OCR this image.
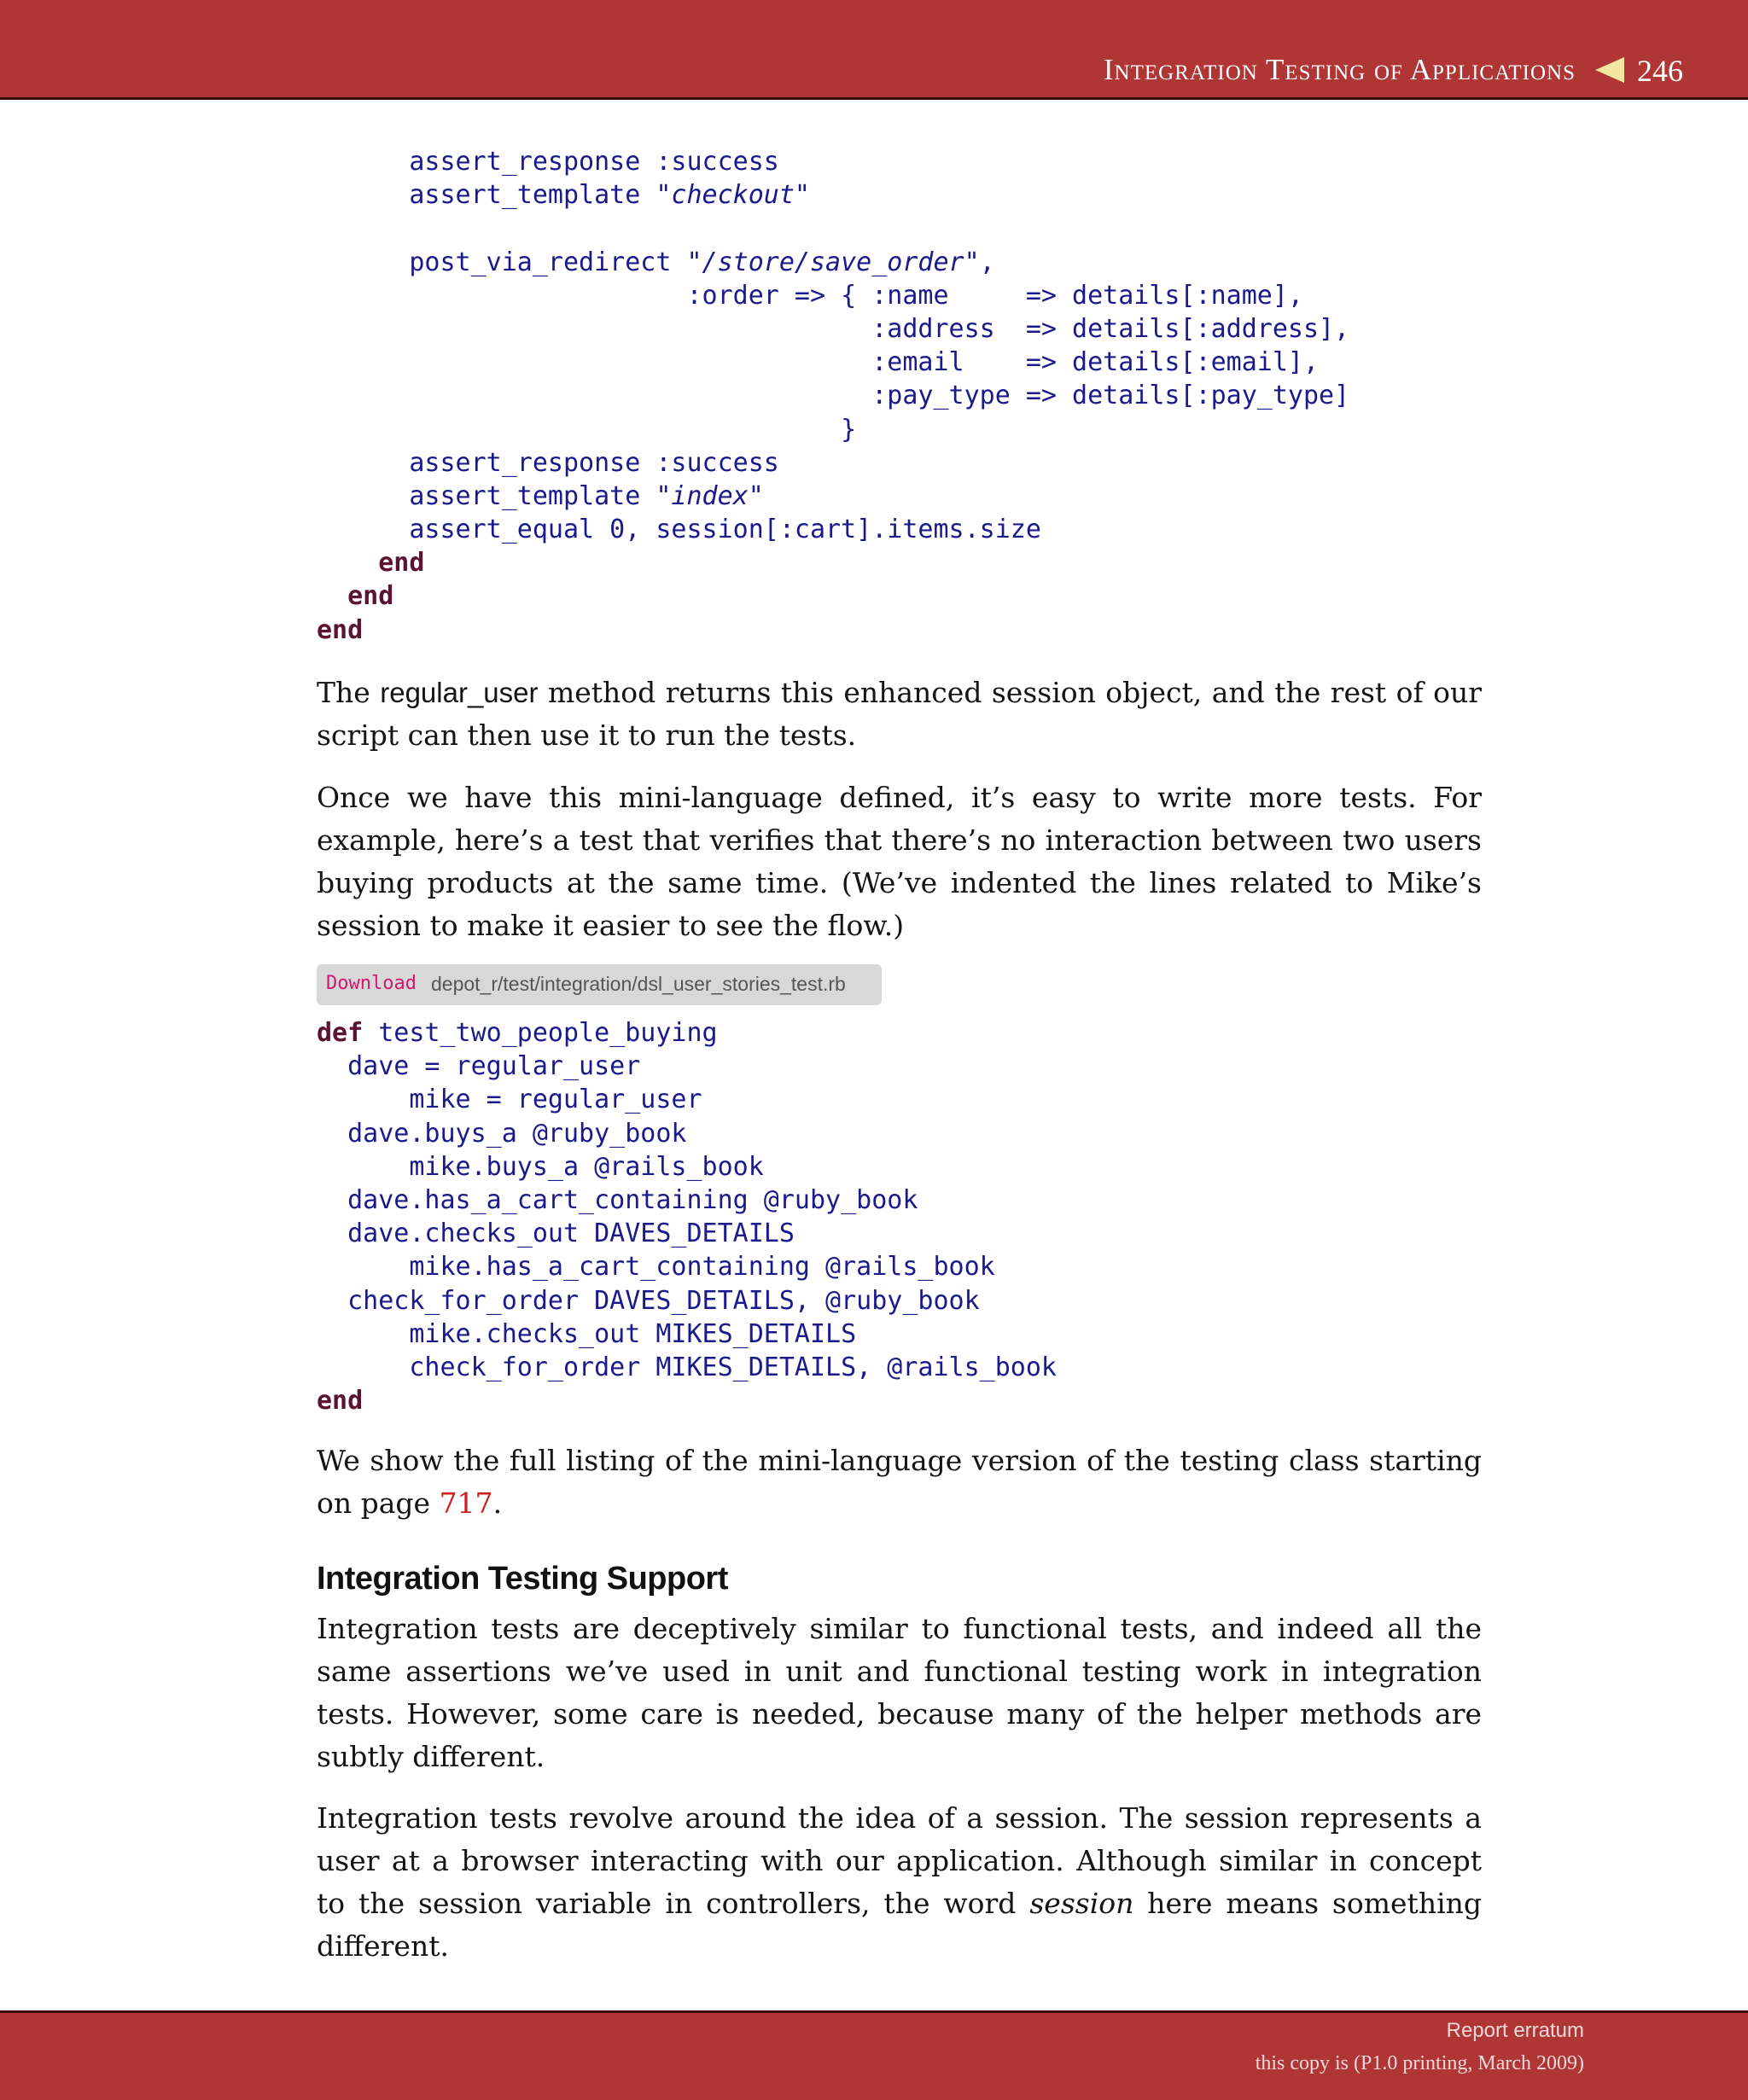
Integration Testing of Applications 246
assert_response :success
assert_template "checkout"
post_via_redirect "/store/save_order",
:order => { :name     => details[:name],
:address  => details[:address],
:email    => details[:email],
:pay_type => details[:pay_type]
}
assert_response :success
assert_template "index"
assert_equal 0, session[:cart].items.size
end
end
end

The regular_user method returns this enhanced session object, and the rest of our script can then use it to run the tests.

Once we have this mini-language defined, it’s easy to write more tests. For example, here’s a test that verifies that there’s no interaction between two users buying products at the same time. (We’ve indented the lines related to Mike’s session to make it easier to see the flow.)

Download depot_r/test/integration/dsl_user_stories_test.rb
def test_two_people_buying
dave = regular_user
mike = regular_user
dave.buys_a @ruby_book
mike.buys_a @rails_book
dave.has_a_cart_containing @ruby_book
dave.checks_out DAVES_DETAILS
mike.has_a_cart_containing @rails_book
check_for_order DAVES_DETAILS, @ruby_book
mike.checks_out MIKES_DETAILS
check_for_order MIKES_DETAILS, @rails_book
end

We show the full listing of the mini-language version of the testing class starting on page 717.

Integration Testing Support

Integration tests are deceptively similar to functional tests, and indeed all the same assertions we’ve used in unit and functional testing work in integration tests. However, some care is needed, because many of the helper methods are subtly different.

Integration tests revolve around the idea of a session. The session represents a user at a browser interacting with our application. Although similar in concept to the session variable in controllers, the word session here means something different.

Report erratum
this copy is (P1.0 printing, March 2009)
